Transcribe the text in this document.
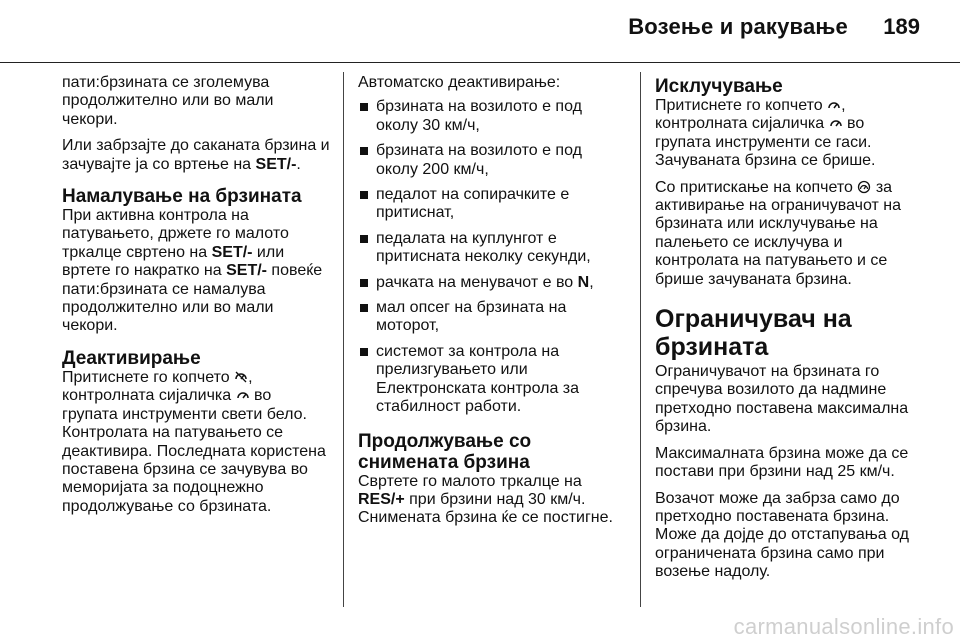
Возење и ракување 189

пати:брзината се зголемува продолжително или во мали чекори.

Или забрзајте до саканата брзина и зачувајте ја со вртење на SET/-.

Намалување на брзината

При активна контрола на патувањето, држете го малото тркалце свртено на SET/- или вртете го накратко на SET/- повеќе пати:брзината се намалува продолжително или во мали чекори.

Деактивирање

Притиснете го копчето , контролната сијаличка  во групата инструменти свети бело. Контролата на патувањето се деактивира. Последната користена поставена брзина се зачувува во меморијата за подоцнежно продолжување со брзината.

Автоматско деактивирање:

брзината на возилото е под околу 30 км/ч,
брзината на возилото е под околу 200 км/ч,
педалот на сопирачките е притиснат,
педалата на куплунгот е притисната неколку секунди,
рачката на менувачот е во N,
мал опсег на брзината на моторот,
системот за контрола на прелизгувањето или Електронската контрола за стабилност работи.
Продолжување со снимената брзина

Свртете го малото тркалце на RES/+ при брзини над 30 км/ч. Снимената брзина ќе се постигне.

Исклучување

Притиснете го копчето , контролната сијаличка  во групата инструменти се гаси. Зачуваната брзина се брише.

Со притискање на копчето  за активирање на ограничувачот на брзината или исклучување на палењето се исклучува и контролата на патувањето и се брише зачуваната брзина.

Ограничувач на брзината

Ограничувачот на брзината го спречува возилото да надмине претходно поставена максимална брзина.

Максималната брзина може да се постави при брзини над 25 км/ч.

Возачот може да забрза само до претходно поставената брзина. Може да дојде до отстапувања од ограничената брзина само при возење надолу.

carmanualsonline.info
